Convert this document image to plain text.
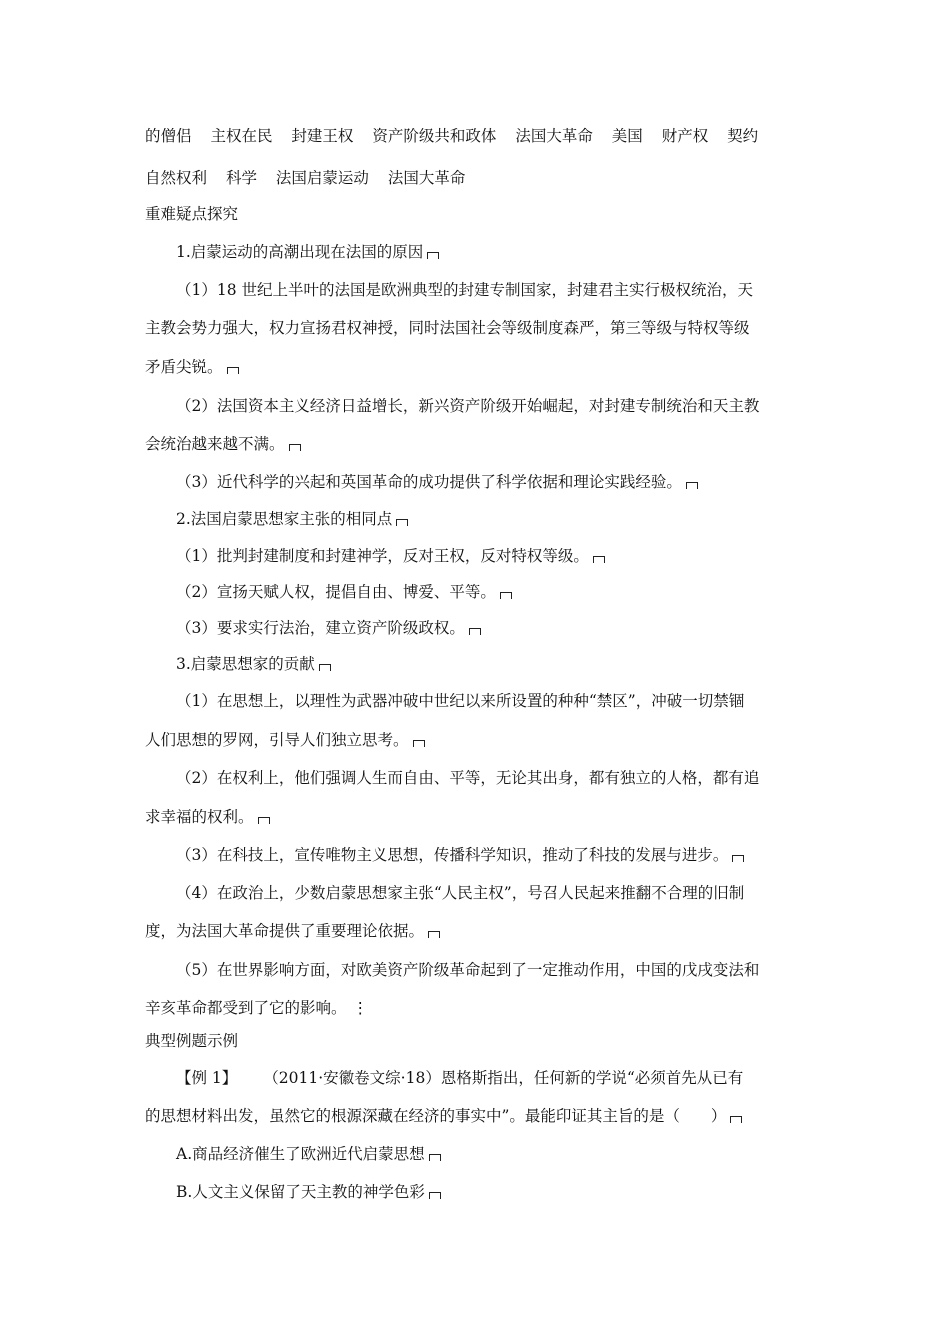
的僧侣 主权在民 封建王权 资产阶级共和政体 法国大革命 美国 财产权 契约
自然权利 科学 法国启蒙运动 法国大革命
重难疑点探究
1.启蒙运动的高潮出现在法国的原因
（1）18 世纪上半叶的法国是欧洲典型的封建专制国家，封建君主实行极权统治，天
主教会势力强大，权力宣扬君权神授，同时法国社会等级制度森严，第三等级与特权等级
矛盾尖锐。
（2）法国资本主义经济日益增长，新兴资产阶级开始崛起，对封建专制统治和天主教
会统治越来越不满。
（3）近代科学的兴起和英国革命的成功提供了科学依据和理论实践经验。
2.法国启蒙思想家主张的相同点
（1）批判封建制度和封建神学，反对王权，反对特权等级。
（2）宣扬天赋人权，提倡自由、博爱、平等。
（3）要求实行法治，建立资产阶级政权。
3.启蒙思想家的贡献
（1）在思想上，以理性为武器冲破中世纪以来所设置的种种“禁区”，冲破一切禁锢
人们思想的罗网，引导人们独立思考。
（2）在权利上，他们强调人生而自由、平等，无论其出身，都有独立的人格，都有追
求幸福的权利。
（3）在科技上，宣传唯物主义思想，传播科学知识，推动了科技的发展与进步。
（4）在政治上，少数启蒙思想家主张“人民主权”，号召人民起来推翻不合理的旧制
度，为法国大革命提供了重要理论依据。
（5）在世界影响方面，对欧美资产阶级革命起到了一定推动作用，中国的戊戌变法和
辛亥革命都受到了它的影响。 ⋮
典型例题示例
【例 1】 （2011·安徽卷文综·18）恩格斯指出，任何新的学说“必须首先从已有
的思想材料出发，虽然它的根源深藏在经济的事实中”。最能印证其主旨的是（　　）
A.商品经济催生了欧洲近代启蒙思想
B.人文主义保留了天主教的神学色彩
